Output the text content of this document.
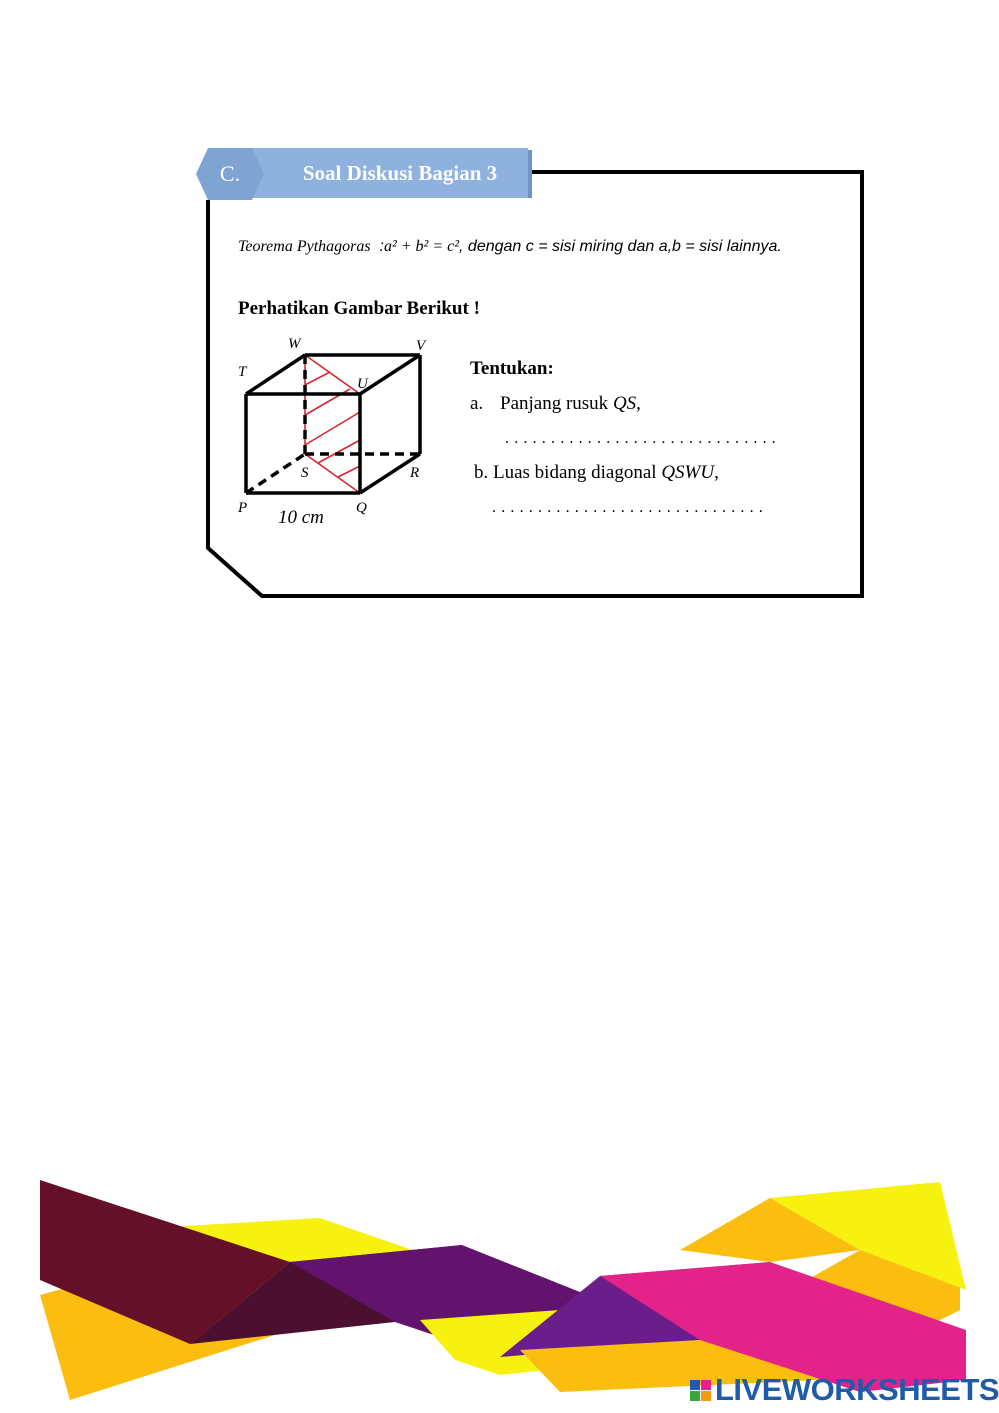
C.	Soal Diskusi Bagian 3
Teorema Pythagoras  :a² + b² = c², dengan c = sisi miring dan a,b = sisi lainnya.
Perhatikan Gambar Berikut !
W	V
T
U
S	R
P	Q
10 cm
Tentukan:
a. Panjang rusuk QS,
..............................
b. Luas bidang diagonal QSWU,
..............................
LIVEWORKSHEETS
